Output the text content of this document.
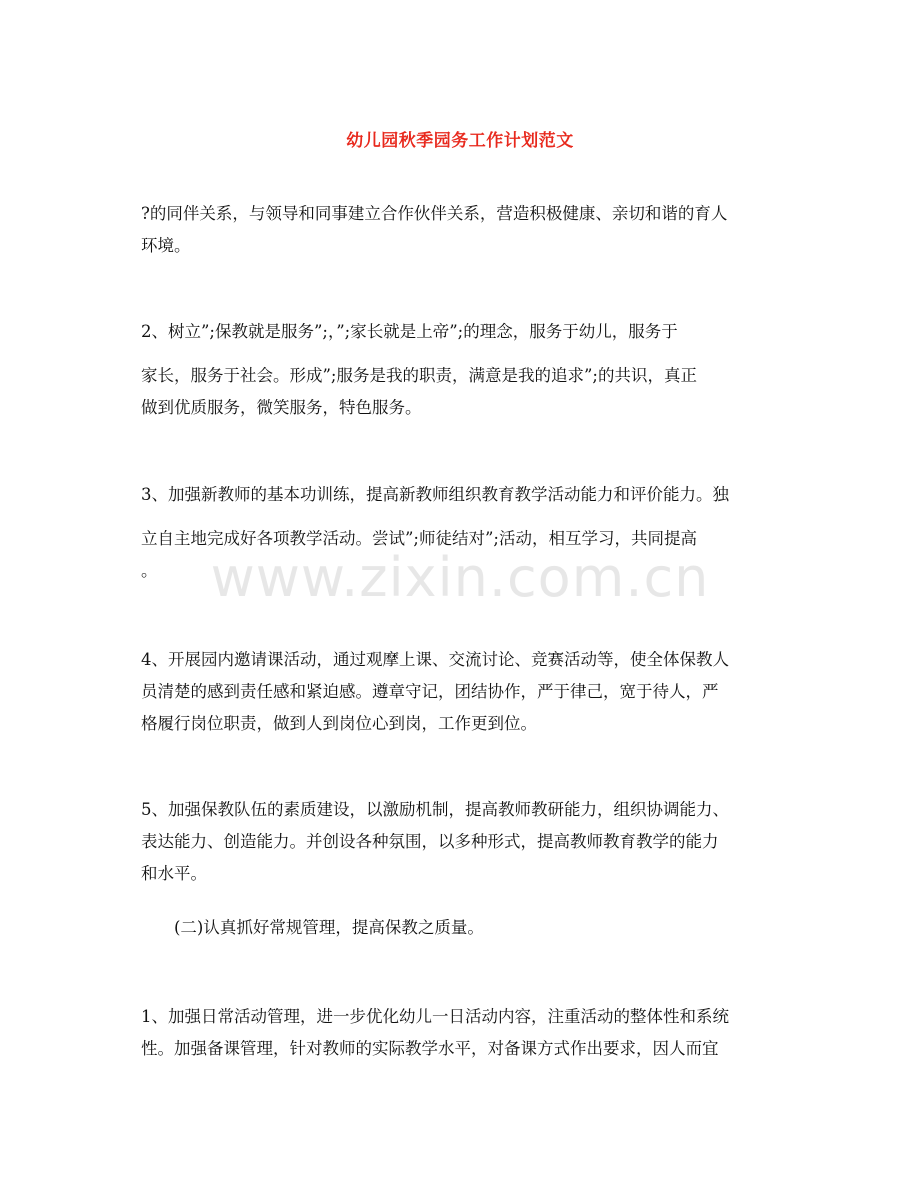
幼儿园秋季园务工作计划范文
www.zixin.com.cn
?的同伴关系，与领导和同事建立合作伙伴关系，营造积极健康、亲切和谐的育人
环境。
2、树立”;保教就是服务”;，”;家长就是上帝”;的理念，服务于幼儿，服务于
家长，服务于社会。形成”;服务是我的职责，满意是我的追求”;的共识，真正
做到优质服务，微笑服务，特色服务。
3、加强新教师的基本功训练，提高新教师组织教育教学活动能力和评价能力。独
立自主地完成好各项教学活动。尝试”;师徒结对”;活动，相互学习，共同提高
。
4、开展园内邀请课活动，通过观摩上课、交流讨论、竞赛活动等，使全体保教人
员清楚的感到责任感和紧迫感。遵章守记，团结协作，严于律己，宽于待人，严
格履行岗位职责，做到人到岗位心到岗，工作更到位。
5、加强保教队伍的素质建设，以激励机制，提高教师教研能力，组织协调能力、
表达能力、创造能力。并创设各种氛围，以多种形式，提高教师教育教学的能力
和水平。
(二)认真抓好常规管理，提高保教之质量。
1、加强日常活动管理，进一步优化幼儿一日活动内容，注重活动的整体性和系统
性。加强备课管理，针对教师的实际教学水平，对备课方式作出要求，因人而宜
